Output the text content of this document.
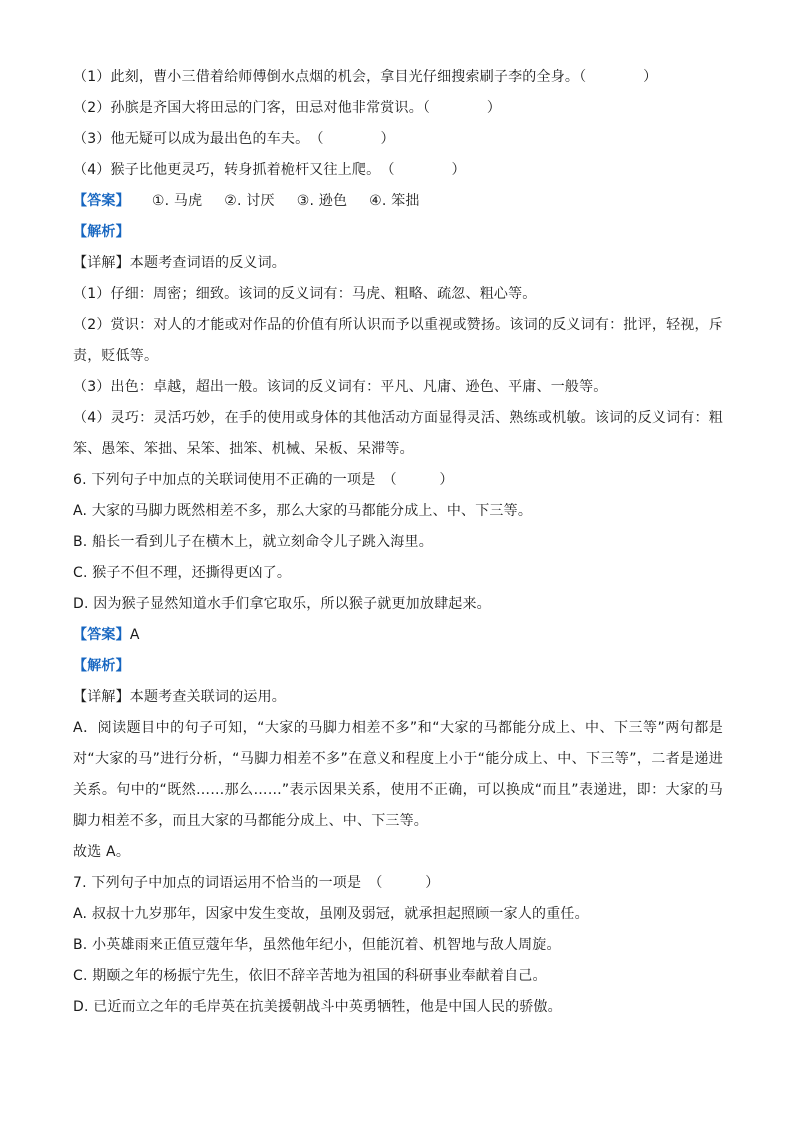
（1）此刻，曹小三借着给师傅倒水点烟的机会，拿目光仔细搜索刷子李的全身。（　　　　）
（2）孙膑是齐国大将田忌的门客，田忌对他非常赏识。（　　　　）
（3）他无疑可以成为最出色的车夫。　（　　　　）
（4）猴子比他更灵巧，转身抓着桅杆又往上爬。　（　　　　）
【答案】 ①. 马虎 ②. 讨厌 ③. 逊色 ④. 笨拙
【解析】
【详解】本题考查词语的反义词。
（1）仔细：周密；细致。该词的反义词有：马虎、粗略、疏忽、粗心等。
（2）赏识：对人的才能或对作品的价值有所认识而予以重视或赞扬。该词的反义词有：批评，轻视，斥责，贬低等。
（3）出色：卓越，超出一般。该词的反义词有：平凡、凡庸、逊色、平庸、一般等。
（4）灵巧：灵活巧妙，在手的使用或身体的其他活动方面显得灵活、熟练或机敏。该词的反义词有：粗笨、愚笨、笨拙、呆笨、拙笨、机械、呆板、呆滞等。
6. 下列句子中加点的关联词使用不正确的一项是　（　　　）
A. 大家的马脚力既然相差不多，那么大家的马都能分成上、中、下三等。
B. 船长一看到儿子在横木上，就立刻命令儿子跳入海里。
C. 猴子不但不理，还撕得更凶了。
D. 因为猴子显然知道水手们拿它取乐，所以猴子就更加放肆起来。
【答案】A
【解析】
【详解】本题考查关联词的运用。
A．阅读题目中的句子可知，“大家的马脚力相差不多”和“大家的马都能分成上、中、下三等”两句都是对“大家的马”进行分析，“马脚力相差不多”在意义和程度上小于“能分成上、中、下三等”，二者是递进关系。句中的“既然……那么……”表示因果关系，使用不正确，可以换成“而且”表递进，即：大家的马脚力相差不多，而且大家的马都能分成上、中、下三等。
故选 A。
7. 下列句子中加点的词语运用不恰当的一项是　（　　　）
A. 叔叔十九岁那年，因家中发生变故，虽刚及弱冠，就承担起照顾一家人的重任。
B. 小英雄雨来正值豆蔻年华，虽然他年纪小，但能沉着、机智地与敌人周旋。
C. 期颐之年的杨振宁先生，依旧不辞辛苦地为祖国的科研事业奉献着自己。
D. 已近而立之年的毛岸英在抗美援朝战斗中英勇牺牲，他是中国人民的骄傲。
